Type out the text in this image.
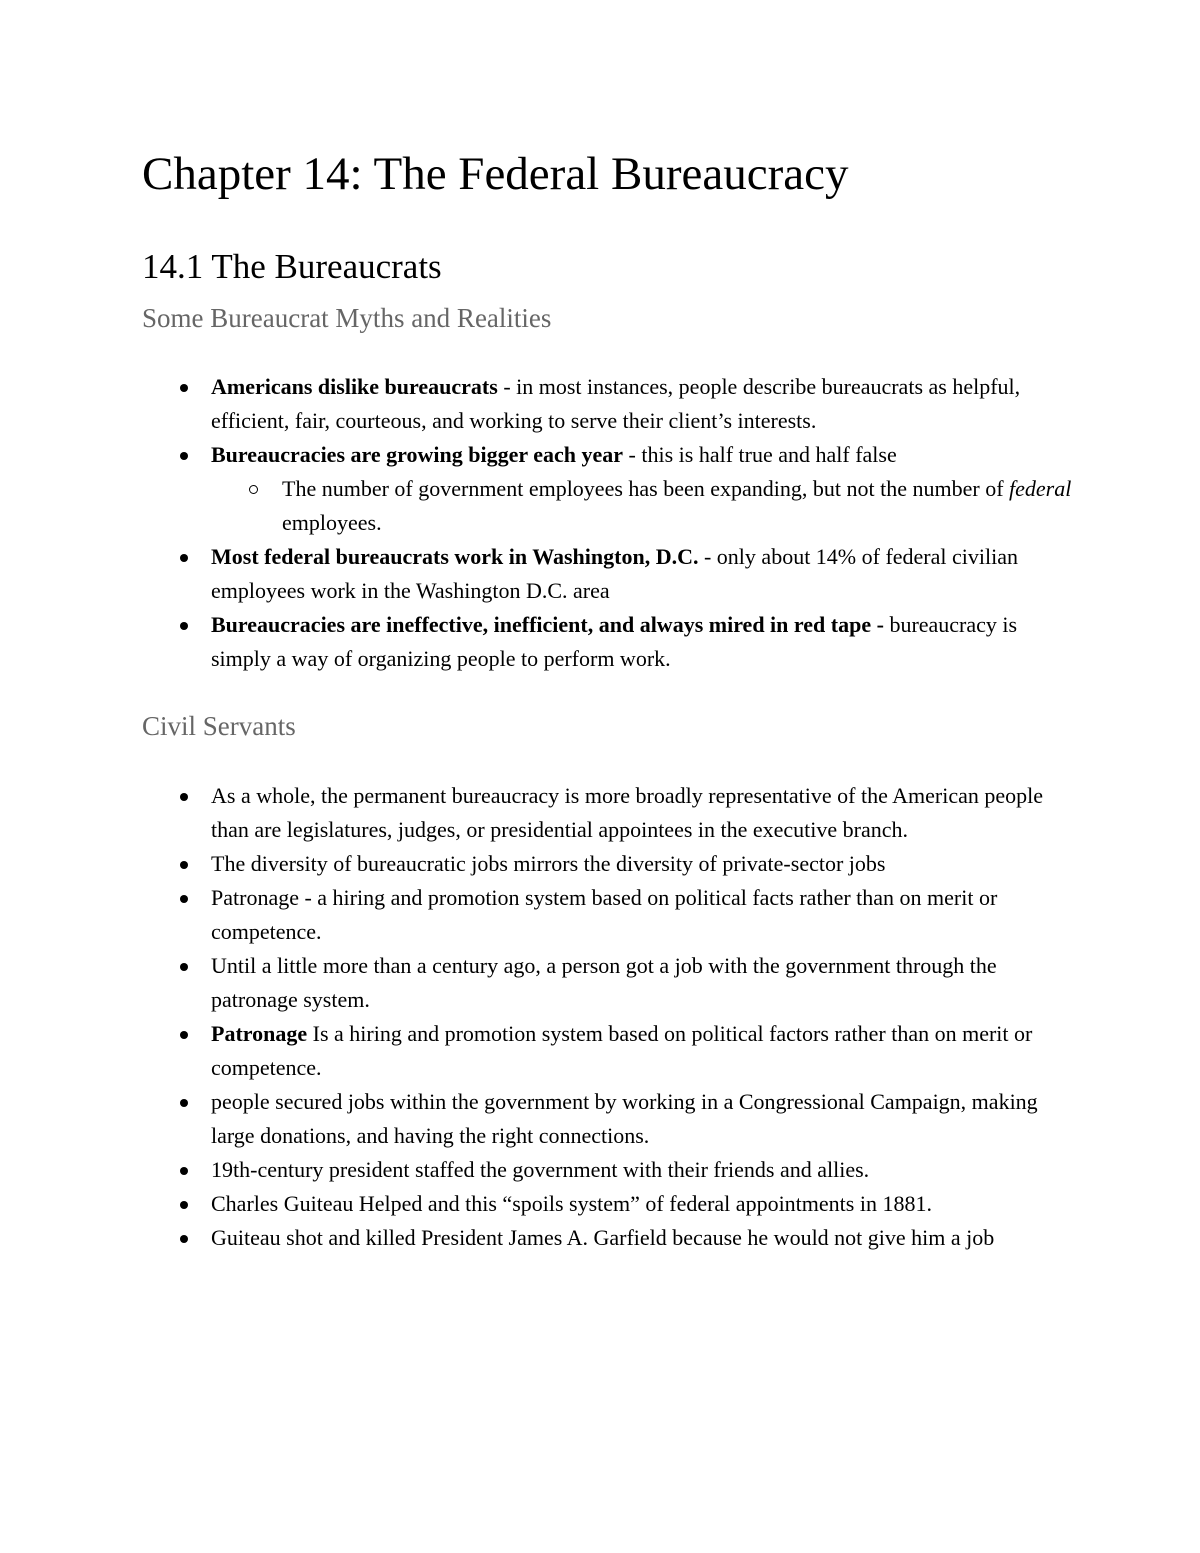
Chapter 14: The Federal Bureaucracy
14.1 The Bureaucrats
Some Bureaucrat Myths and Realities
Americans dislike bureaucrats - in most instances, people describe bureaucrats as helpful, efficient, fair, courteous, and working to serve their client’s interests.
Bureaucracies are growing bigger each year - this is half true and half false
The number of government employees has been expanding, but not the number of federal employees.
Most federal bureaucrats work in Washington, D.C. - only about 14% of federal civilian employees work in the Washington D.C. area
Bureaucracies are ineffective, inefficient, and always mired in red tape - bureaucracy is simply a way of organizing people to perform work.
Civil Servants
As a whole, the permanent bureaucracy is more broadly representative of the American people than are legislatures, judges, or presidential appointees in the executive branch.
The diversity of bureaucratic jobs mirrors the diversity of private-sector jobs
Patronage - a hiring and promotion system based on political facts rather than on merit or competence.
Until a little more than a century ago, a person got a job with the government through the patronage system.
Patronage Is a hiring and promotion system based on political factors rather than on merit or competence.
people secured jobs within the government by working in a Congressional Campaign, making large donations, and having the right connections.
19th-century president staffed the government with their friends and allies.
Charles Guiteau Helped and this “spoils system” of federal appointments in 1881.
Guiteau shot and killed President James A. Garfield because he would not give him a job
